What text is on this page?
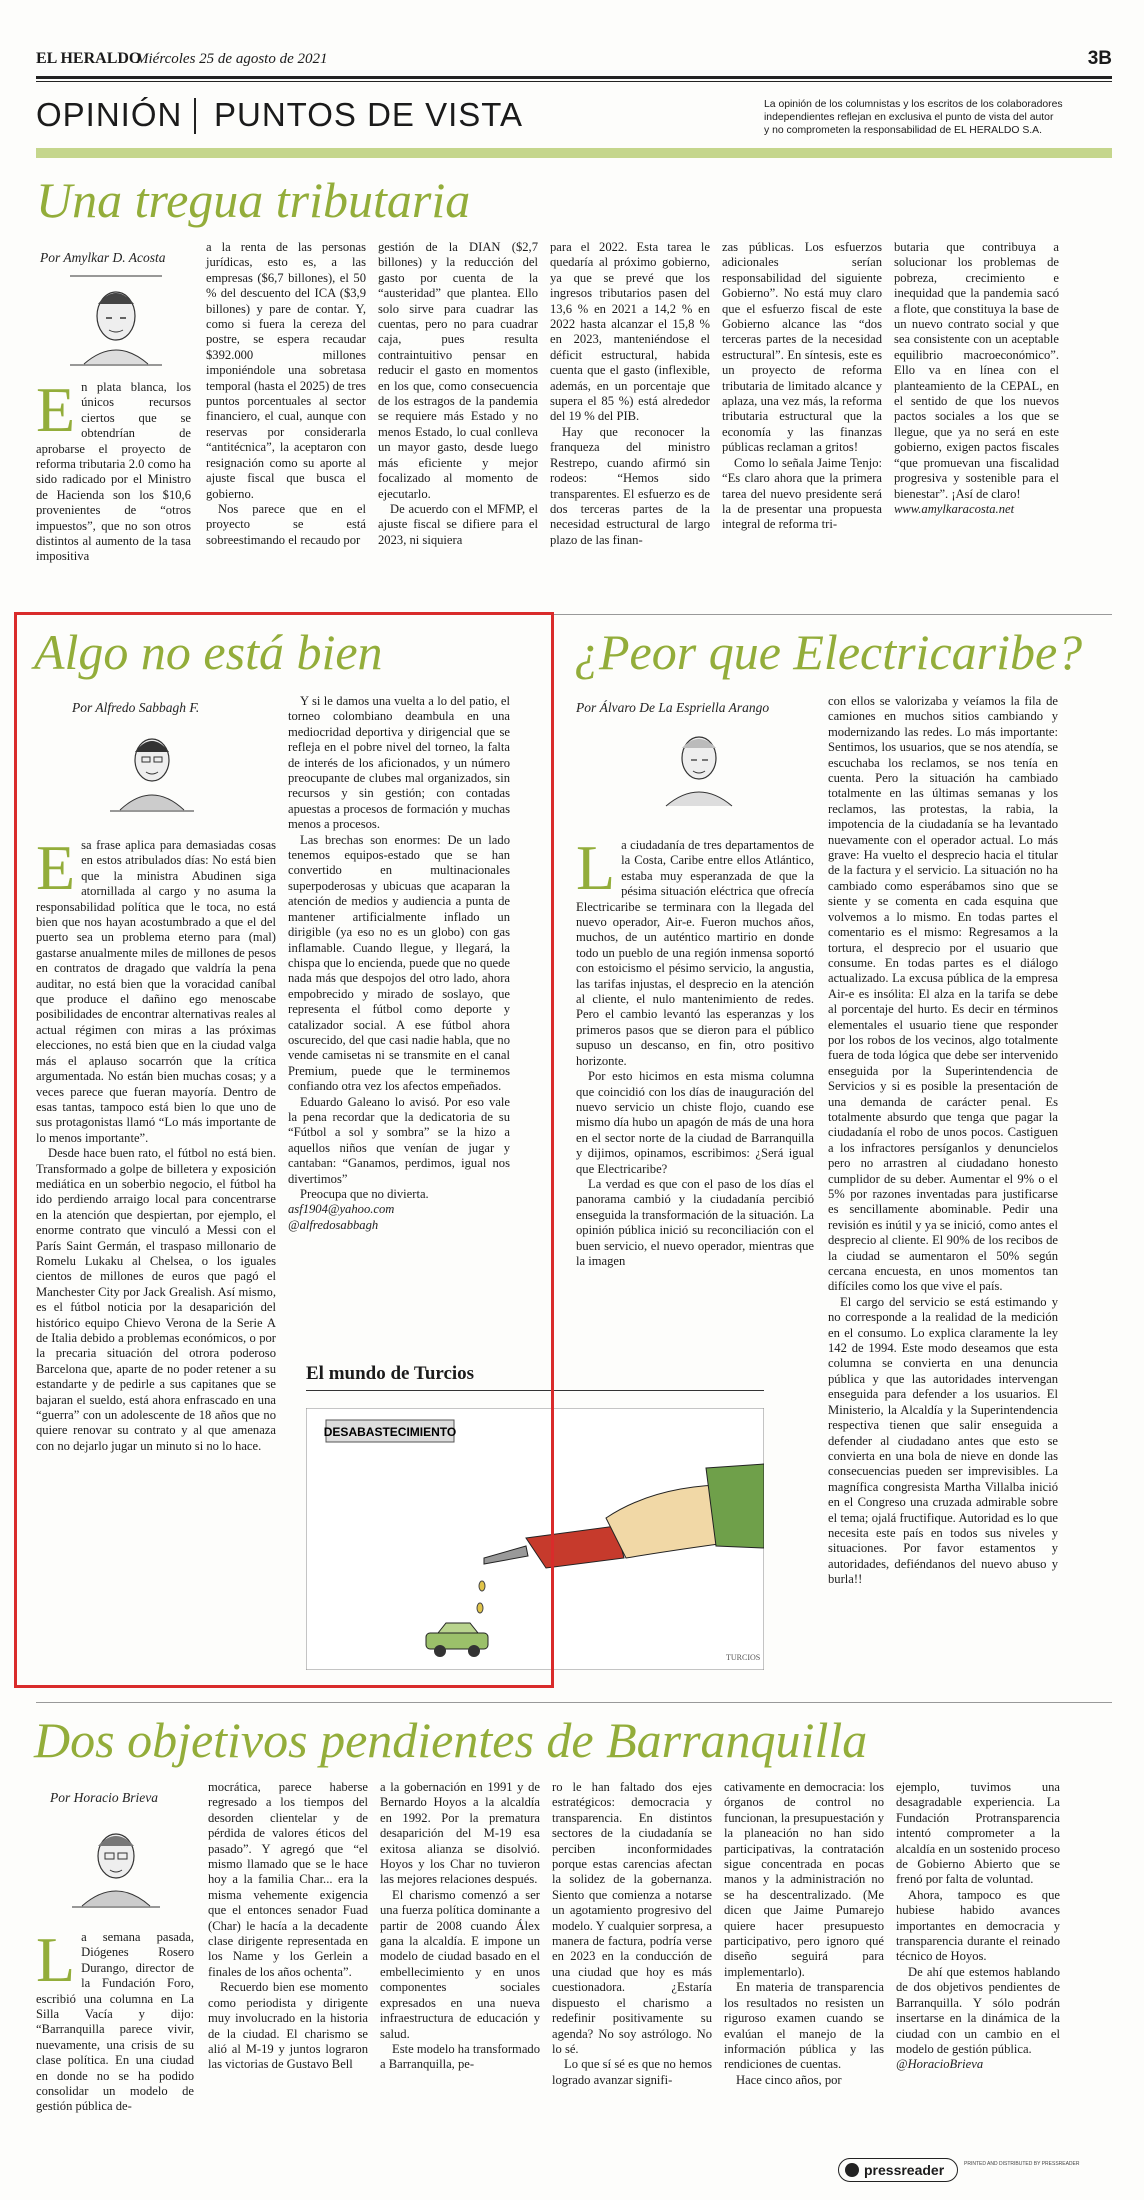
EL HERALDO
Miércoles 25 de agosto de 2021	3B
OPINIÓN PUNTOS DE VISTA	La opinión de los columnistas y los escritos de los colaboradores
independientes reflejan en exclusiva el punto de vista del autor
y no comprometen la responsabilidad de EL HERALDO S.A.
Una tregua tributaria
Por Amylkar D. Acosta

En plata blanca, los únicos recursos ciertos que se obtendrían de aprobarse el proyecto de reforma tributaria 2.0 como ha sido radicado por el Ministro de Hacienda son los $10,6 provenientes de “otros impuestos”, que no son otros distintos al aumento de la tasa impositiva

a la renta de las personas jurídicas, esto es, a las empresas ($6,7 billones), el 50 % del descuento del ICA ($3,9 billones) y pare de contar. Y, como si fuera la cereza del postre, se espera recaudar $392.000 millones imponiéndole una sobretasa temporal (hasta el 2025) de tres puntos porcentuales al sector financiero, el cual, aunque con reservas por considerarla “antitécnica”, la aceptaron con resignación como su aporte al ajuste fiscal que busca el gobierno.

Nos parece que en el proyecto se está sobreestimando el recaudo por

gestión de la DIAN ($2,7 billones) y la reducción del gasto por cuenta de la “austeridad” que plantea. Ello solo sirve para cuadrar las cuentas, pero no para cuadrar caja, pues resulta contraintuitivo pensar en reducir el gasto en momentos en los que, como consecuencia de los estragos de la pandemia se requiere más Estado y no menos Estado, lo cual conlleva un mayor gasto, desde luego más eficiente y mejor focalizado al momento de ejecutarlo.

De acuerdo con el MFMP, el ajuste fiscal se difiere para el 2023, ni siquiera

para el 2022. Esta tarea le quedaría al próximo gobierno, ya que se prevé que los ingresos tributarios pasen del 13,6 % en 2021 a 14,2 % en 2022 hasta alcanzar el 15,8 % en 2023, manteniéndose el déficit estructural, habida cuenta que el gasto (inflexible, además, en un porcentaje que supera el 85 %) está alrededor del 19 % del PIB.

Hay que reconocer la franqueza del ministro Restrepo, cuando afirmó sin rodeos: “Hemos sido transparentes. El esfuerzo es de dos terceras partes de la necesidad estructural de largo plazo de las finan-

zas públicas. Los esfuerzos adicionales serían responsabilidad del siguiente Gobierno”. No está muy claro que el esfuerzo fiscal de este Gobierno alcance las “dos terceras partes de la necesidad estructural”. En síntesis, este es un proyecto de reforma tributaria de limitado alcance y aplaza, una vez más, la reforma tributaria estructural que la economía y las finanzas públicas reclaman a gritos!

Como lo señala Jaime Tenjo: “Es claro ahora que la primera tarea del nuevo presidente será la de presentar una propuesta integral de reforma tri-

butaria que contribuya a solucionar los problemas de pobreza, crecimiento e inequidad que la pandemia sacó a flote, que constituya la base de un nuevo contrato social y que sea consistente con un aceptable equilibrio macroeconómico”. Ello va en línea con el planteamiento de la CEPAL, en el sentido de que los nuevos pactos sociales a los que se llegue, que ya no será en este gobierno, exigen pactos fiscales “que promuevan una fiscalidad progresiva y sostenible para el bienestar”. ¡Así de claro!

www.amylkaracosta.net

Algo no está bien
Por Alfredo Sabbagh F.

Esa frase aplica para demasiadas cosas en estos atribulados días: No está bien que la ministra Abudinen siga atornillada al cargo y no asuma la responsabilidad política que le toca, no está bien que nos hayan acostumbrado a que el del puerto sea un problema eterno para (mal) gastarse anualmente miles de millones de pesos en contratos de dragado que valdría la pena auditar, no está bien que la voracidad caníbal que produce el dañino ego menoscabe posibilidades de encontrar alternativas reales al actual régimen con miras a las próximas elecciones, no está bien que en la ciudad valga más el aplauso socarrón que la crítica argumentada. No están bien muchas cosas; y a veces parece que fueran mayoría. Dentro de esas tantas, tampoco está bien lo que uno de sus protagonistas llamó “Lo más importante de lo menos importante”.

Desde hace buen rato, el fútbol no está bien. Transformado a golpe de billetera y exposición mediática en un soberbio negocio, el fútbol ha ido perdiendo arraigo local para concentrarse en la atención que despiertan, por ejemplo, el enorme contrato que vinculó a Messi con el París Saint Germán, el traspaso millonario de Romelu Lukaku al Chelsea, o los iguales cientos de millones de euros que pagó el Manchester City por Jack Grealish. Así mismo, es el fútbol noticia por la desaparición del histórico equipo Chievo Verona de la Serie A de Italia debido a problemas económicos, o por la precaria situación del otrora poderoso Barcelona que, aparte de no poder retener a su estandarte y de pedirle a sus capitanes que se bajaran el sueldo, está ahora enfrascado en una “guerra” con un adolescente de 18 años que no quiere renovar su contrato y al que amenaza con no dejarlo jugar un minuto si no lo hace.

Y si le damos una vuelta a lo del patio, el torneo colombiano deambula en una mediocridad deportiva y dirigencial que se refleja en el pobre nivel del torneo, la falta de interés de los aficionados, y un número preocupante de clubes mal organizados, sin recursos y sin gestión; con contadas apuestas a procesos de formación y muchas menos a procesos.

Las brechas son enormes: De un lado tenemos equipos-estado que se han convertido en multinacionales superpoderosas y ubicuas que acaparan la atención de medios y audiencia a punta de mantener artificialmente inflado un dirigible (ya eso no es un globo) con gas inflamable. Cuando llegue, y llegará, la chispa que lo encienda, puede que no quede nada más que despojos del otro lado, ahora empobrecido y mirado de soslayo, que representa el fútbol como deporte y catalizador social. A ese fútbol ahora oscurecido, del que casi nadie habla, que no vende camisetas ni se transmite en el canal Premium, puede que le terminemos confiando otra vez los afectos empeñados.

Eduardo Galeano lo avisó. Por eso vale la pena recordar que la dedicatoria de su “Fútbol a sol y sombra” se la hizo a aquellos niños que venían de jugar y cantaban: “Ganamos, perdimos, igual nos divertimos”

Preocupa que no divierta.

asf1904@yahoo.com

@alfredosabbagh

El mundo de Turcios
DESABASTECIMIENTO
TURCIOS
¿Peor que Electricaribe?
Por Álvaro De La Espriella Arango

La ciudadanía de tres departamentos de la Costa, Caribe entre ellos Atlántico, estaba muy esperanzada de que la pésima situación eléctrica que ofrecía Electricaribe se terminara con la llegada del nuevo operador, Air-e. Fueron muchos años, muchos, de un auténtico martirio en donde todo un pueblo de una región inmensa soportó con estoicismo el pésimo servicio, la angustia, las tarifas injustas, el desprecio en la atención al cliente, el nulo mantenimiento de redes. Pero el cambio levantó las esperanzas y los primeros pasos que se dieron para el público supuso un descanso, en fin, otro positivo horizonte.

Por esto hicimos en esta misma columna que coincidió con los días de inauguración del nuevo servicio un chiste flojo, cuando ese mismo día hubo un apagón de más de una hora en el sector norte de la ciudad de Barranquilla y dijimos, opinamos, escribimos: ¿Será igual que Electricaribe?

La verdad es que con el paso de los días el panorama cambió y la ciudadanía percibió enseguida la transformación de la situación. La opinión pública inició su reconciliación con el buen servicio, el nuevo operador, mientras que la imagen

con ellos se valorizaba y veíamos la fila de camiones en muchos sitios cambiando y modernizando las redes. Lo más importante: Sentimos, los usuarios, que se nos atendía, se escuchaba los reclamos, se nos tenía en cuenta. Pero la situación ha cambiado totalmente en las últimas semanas y los reclamos, las protestas, la rabia, la impotencia de la ciudadanía se ha levantado nuevamente con el operador actual. Lo más grave: Ha vuelto el desprecio hacia el titular de la factura y el servicio. La situación no ha cambiado como esperábamos sino que se siente y se comenta en cada esquina que volvemos a lo mismo. En todas partes el comentario es el mismo: Regresamos a la tortura, el desprecio por el usuario que consume. En todas partes es el diálogo actualizado. La excusa pública de la empresa Air-e es insólita: El alza en la tarifa se debe al porcentaje del hurto. Es decir en términos elementales el usuario tiene que responder por los robos de los vecinos, algo totalmente fuera de toda lógica que debe ser intervenido enseguida por la Superintendencia de Servicios y si es posible la presentación de una demanda de carácter penal. Es totalmente absurdo que tenga que pagar la ciudadanía el robo de unos pocos. Castiguen a los infractores persíganlos y denuncielos pero no arrastren al ciudadano honesto cumplidor de su deber. Aumentar el 9% o el 5% por razones inventadas para justificarse es sencillamente abominable. Pedir una revisión es inútil y ya se inició, como antes el desprecio al cliente. El 90% de los recibos de la ciudad se aumentaron el 50% según cercana encuesta, en unos momentos tan difíciles como los que vive el país.

El cargo del servicio se está estimando y no corresponde a la realidad de la medición en el consumo. Lo explica claramente la ley 142 de 1994. Este modo deseamos que esta columna se convierta en una denuncia pública y que las autoridades intervengan enseguida para defender a los usuarios. El Ministerio, la Alcaldía y la Superintendencia respectiva tienen que salir enseguida a defender al ciudadano antes que esto se convierta en una bola de nieve en donde las consecuencias pueden ser imprevisibles. La magnífica congresista Martha Villalba inició en el Congreso una cruzada admirable sobre el tema; ojalá fructifique. Autoridad es lo que necesita este país en todos sus niveles y situaciones. Por favor estamentos y autoridades, defiéndanos del nuevo abuso y burla!!

Dos objetivos pendientes de Barranquilla
Por Horacio Brieva

La semana pasada, Diógenes Rosero Durango, director de la Fundación Foro, escribió una columna en La Silla Vacía y dijo: “Barranquilla parece vivir, nuevamente, una crisis de su clase política. En una ciudad en donde no se ha podido consolidar un modelo de gestión pública de-

mocrática, parece haberse regresado a los tiempos del desorden clientelar y de pérdida de valores éticos del pasado”. Y agregó que “el mismo llamado que se le hace hoy a la familia Char... era la misma vehemente exigencia que el entonces senador Fuad (Char) le hacía a la decadente clase dirigente representada en los Name y los Gerlein a finales de los años ochenta”.

Recuerdo bien ese momento como periodista y dirigente muy involucrado en la historia de la ciudad. El charismo se alió al M-19 y juntos lograron las victorias de Gustavo Bell

a la gobernación en 1991 y de Bernardo Hoyos a la alcaldía en 1992. Por la prematura desaparición del M-19 esa exitosa alianza se disolvió. Hoyos y los Char no tuvieron las mejores relaciones después.

El charismo comenzó a ser una fuerza política dominante a partir de 2008 cuando Álex gana la alcaldía. E impone un modelo de ciudad basado en el embellecimiento y en unos componentes sociales expresados en una nueva infraestructura de educación y salud.

Este modelo ha transformado a Barranquilla, pe-

ro le han faltado dos ejes estratégicos: democracia y transparencia. En distintos sectores de la ciudadanía se perciben inconformidades porque estas carencias afectan la solidez de la gobernanza. Siento que comienza a notarse un agotamiento progresivo del modelo. Y cualquier sorpresa, a manera de factura, podría verse en 2023 en la conducción de una ciudad que hoy es más cuestionadora. ¿Estaría dispuesto el charismo a redefinir positivamente su agenda? No soy astrólogo. No lo sé.

Lo que sí sé es que no hemos logrado avanzar signifi-

cativamente en democracia: los órganos de control no funcionan, la presupuestación y la planeación no han sido participativas, la contratación sigue concentrada en pocas manos y la administración no se ha descentralizado. (Me dicen que Jaime Pumarejo quiere hacer presupuesto participativo, pero ignoro qué diseño seguirá para implementarlo).

En materia de transparencia los resultados no resisten un riguroso examen cuando se evalúan el manejo de la información pública y las rendiciones de cuentas.

Hace cinco años, por

ejemplo, tuvimos una desagradable experiencia. La Fundación Protransparencia intentó comprometer a la alcaldía en un sostenido proceso de Gobierno Abierto que se frenó por falta de voluntad.

Ahora, tampoco es que hubiese habido avances importantes en democracia y transparencia durante el reinado técnico de Hoyos.

De ahí que estemos hablando de dos objetivos pendientes de Barranquilla. Y sólo podrán insertarse en la dinámica de la ciudad con un cambio en el modelo de gestión pública.

@HoracioBrieva

pressreader	PRINTED AND DISTRIBUTED BY PRESSREADER
